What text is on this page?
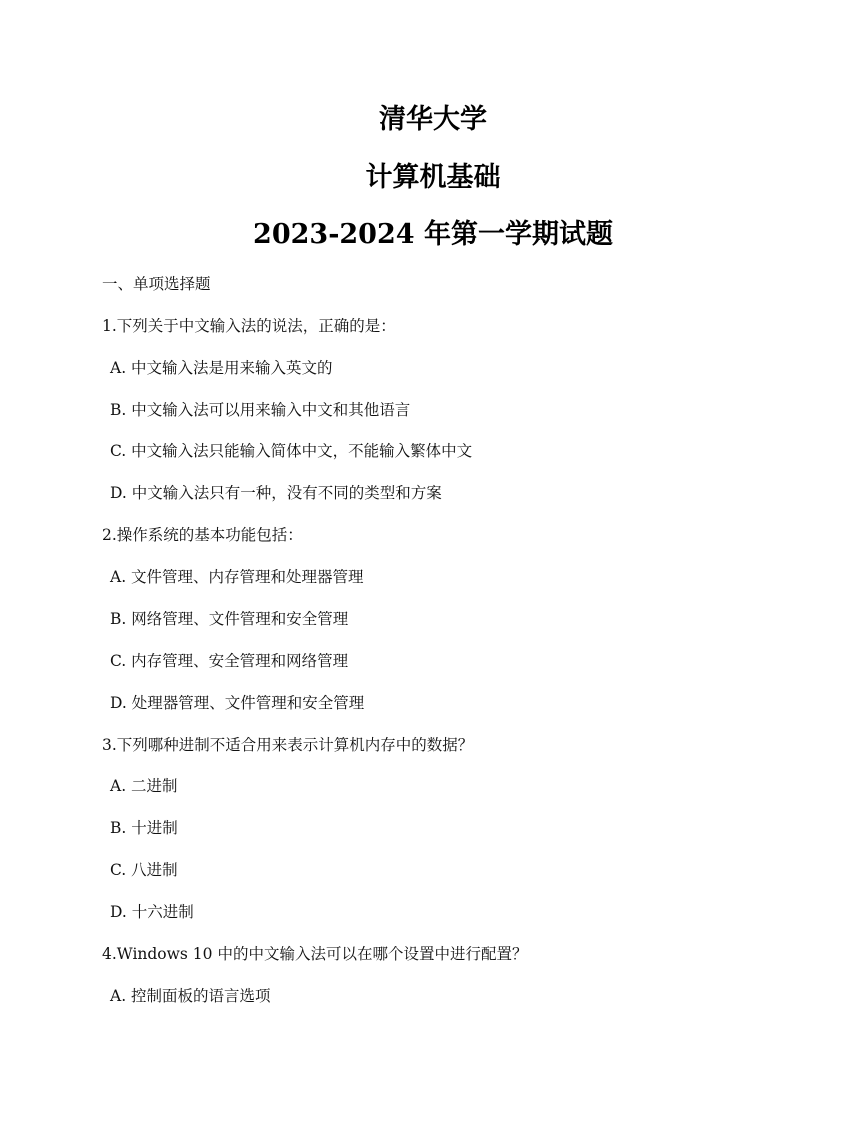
清华大学
计算机基础
2023-2024 年第一学期试题
一、单项选择题
1.下列关于中文输入法的说法，正确的是：
A. 中文输入法是用来输入英文的
B. 中文输入法可以用来输入中文和其他语言
C. 中文输入法只能输入简体中文，不能输入繁体中文
D. 中文输入法只有一种，没有不同的类型和方案
2.操作系统的基本功能包括：
A. 文件管理、内存管理和处理器管理
B. 网络管理、文件管理和安全管理
C. 内存管理、安全管理和网络管理
D. 处理器管理、文件管理和安全管理
3.下列哪种进制不适合用来表示计算机内存中的数据？
A. 二进制
B. 十进制
C. 八进制
D. 十六进制
4.Windows 10 中的中文输入法可以在哪个设置中进行配置？
A. 控制面板的语言选项
